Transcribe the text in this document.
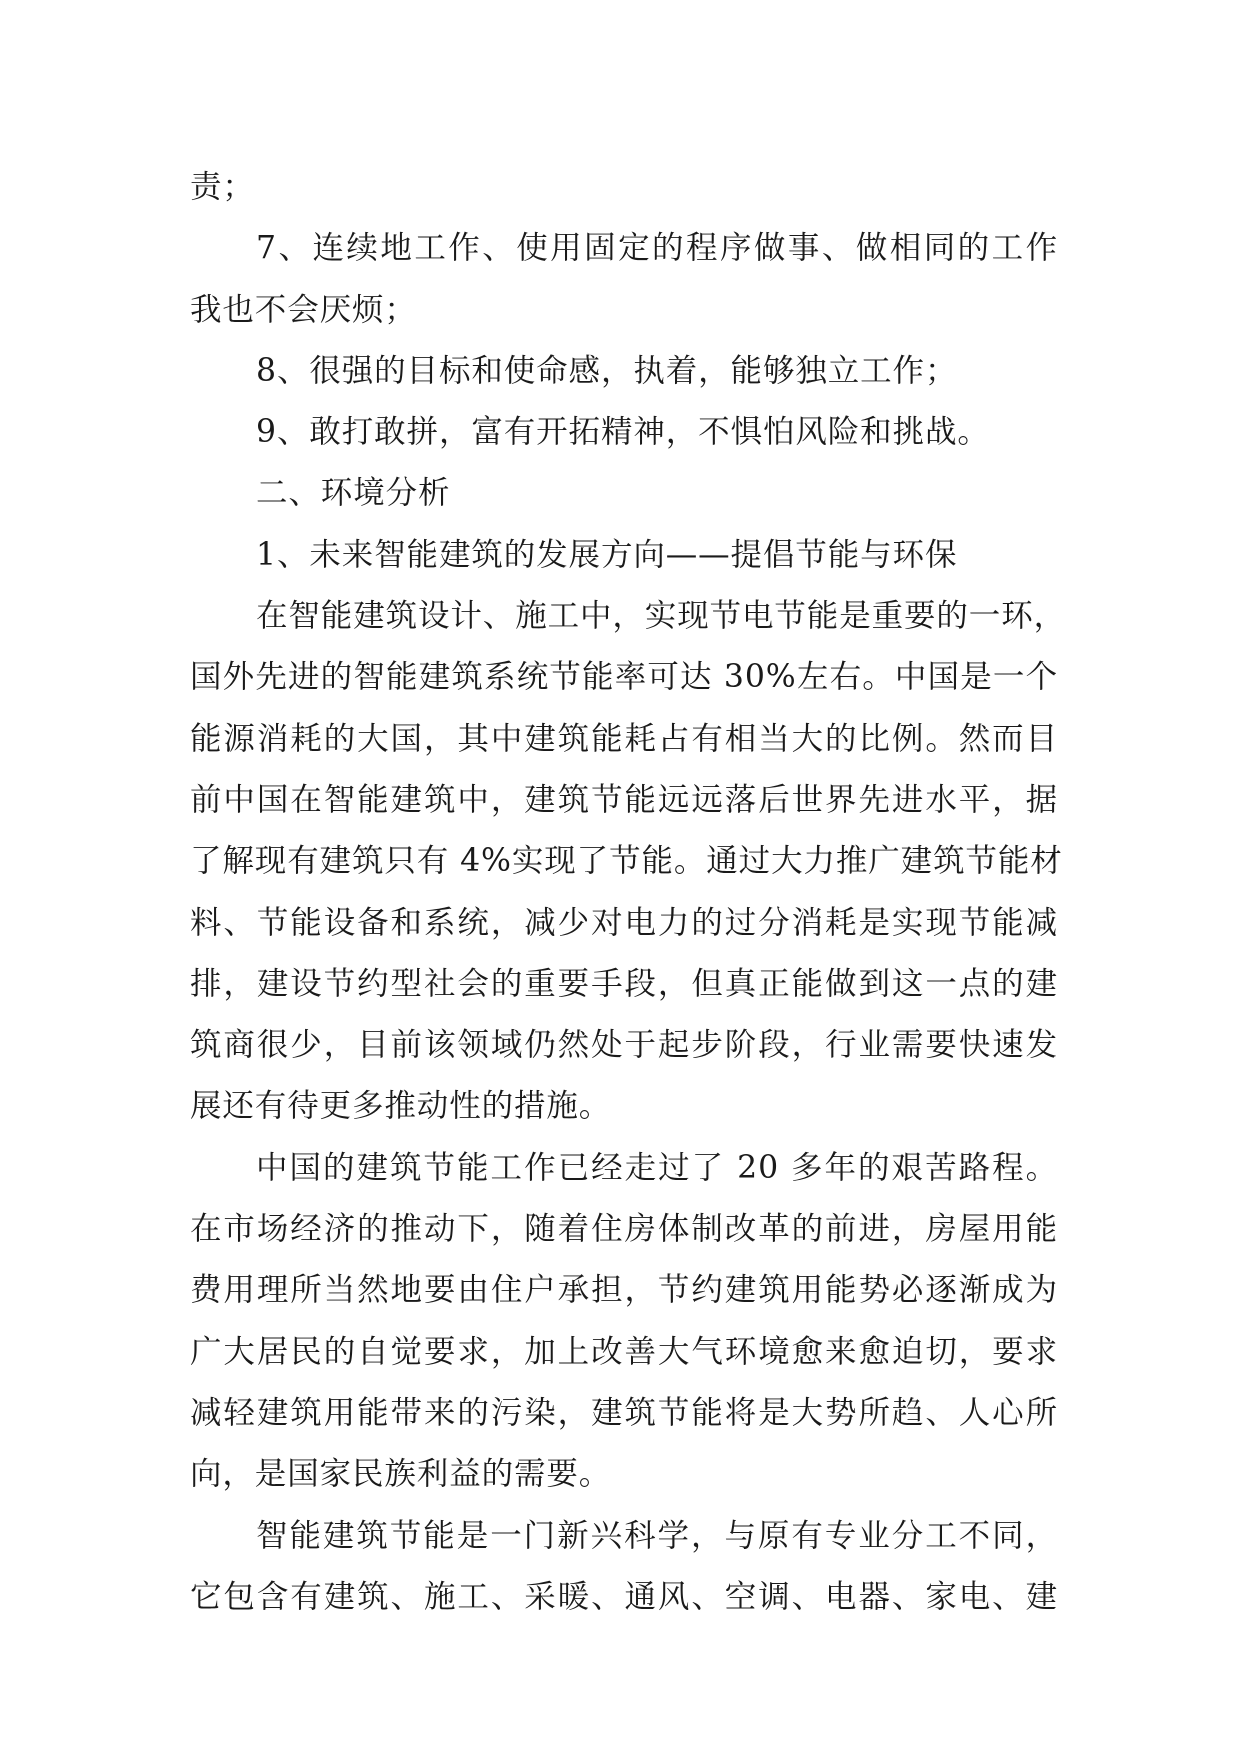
责；
7、连续地工作、使用固定的程序做事、做相同的工作
我也不会厌烦；
8、很强的目标和使命感，执着，能够独立工作；
9、敢打敢拼，富有开拓精神，不惧怕风险和挑战。
二、环境分析
1、未来智能建筑的发展方向——提倡节能与环保
在智能建筑设计、施工中，实现节电节能是重要的一环，
国外先进的智能建筑系统节能率可达 30%左右。中国是一个
能源消耗的大国，其中建筑能耗占有相当大的比例。然而目
前中国在智能建筑中，建筑节能远远落后世界先进水平，据
了解现有建筑只有 4%实现了节能。通过大力推广建筑节能材
料、节能设备和系统，减少对电力的过分消耗是实现节能减
排，建设节约型社会的重要手段，但真正能做到这一点的建
筑商很少，目前该领域仍然处于起步阶段，行业需要快速发
展还有待更多推动性的措施。
中国的建筑节能工作已经走过了 20 多年的艰苦路程。
在市场经济的推动下，随着住房体制改革的前进，房屋用能
费用理所当然地要由住户承担，节约建筑用能势必逐渐成为
广大居民的自觉要求，加上改善大气环境愈来愈迫切，要求
减轻建筑用能带来的污染，建筑节能将是大势所趋、人心所
向，是国家民族利益的需要。
智能建筑节能是一门新兴科学，与原有专业分工不同，
它包含有建筑、施工、采暖、通风、空调、电器、家电、建
